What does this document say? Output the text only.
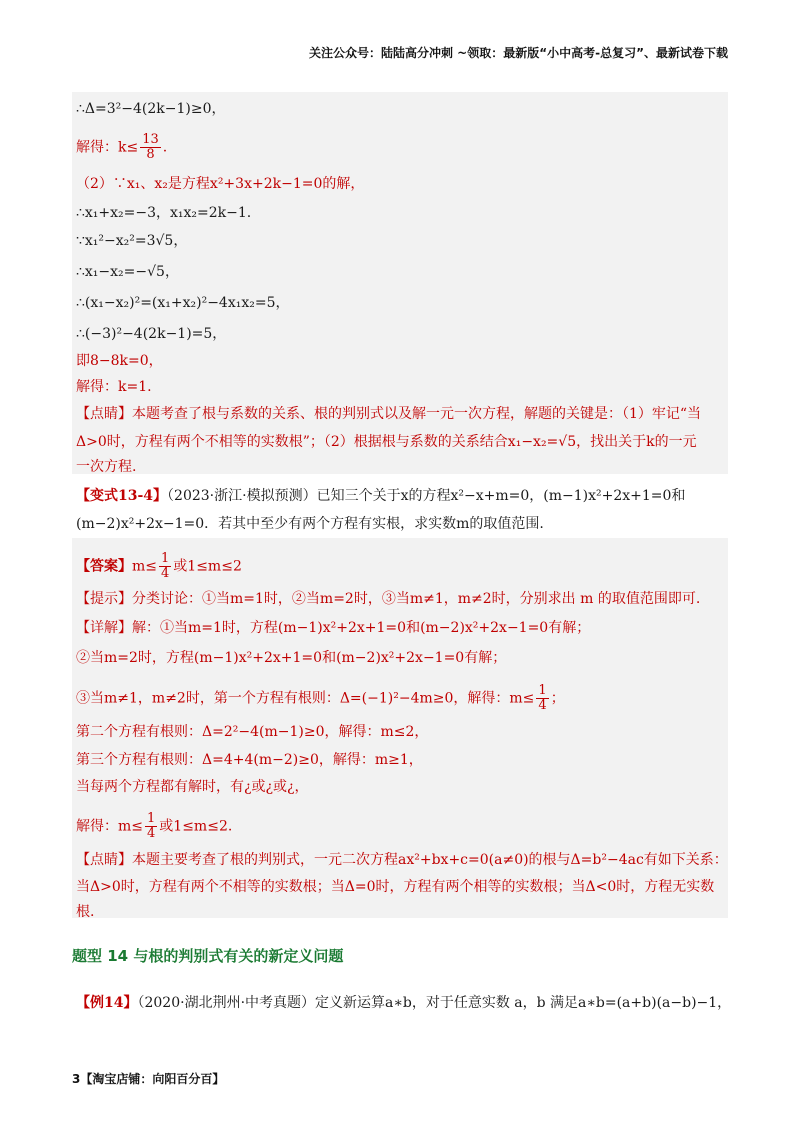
关注公众号：陆陆高分冲刺 ~领取：最新版“小中高考-总复习”、最新试卷下载
∴Δ=3²−4(2k−1)≥0，
解得：$k\le \frac{13}{8}$ .
（2）∵x₁、x₂是方程x²+3x+2k−1=0的解，
∴x₁+x₂=−3，x₁x₂=2k−1.
∵x₁²−x₂²=3√5，
∴x₁−x₂=−√5，
∴(x₁−x₂)²=(x₁+x₂)²−4x₁x₂=5，
∴(−3)²−4(2k−1)=5，
即8−8k=0，
解得：k=1.
【点睛】本题考查了根与系数的关系、根的判别式以及解一元一次方程，解题的关键是：（1）牢记“当
Δ>0时，方程有两个不相等的实数根”；（2）根据根与系数的关系结合x₁−x₂=√5，找出关于k的一元
一次方程.
【变式13-4】（2023·浙江·模拟预测）已知三个关于x的方程x²−x+m=0，(m−1)x²+2x+1=0和
(m−2)x²+2x−1=0．若其中至少有两个方程有实根，求实数m的取值范围.
【答案】$m\le \frac{1}{4}$ 或1≤m≤2
【提示】分类讨论：①当m=1时，②当m=2时，③当m≠1，m≠2时，分别求出 m 的取值范围即可.
【详解】解：①当m=1时，方程(m−1)x²+2x+1=0和(m−2)x²+2x−1=0有解；
②当m=2时，方程(m−1)x²+2x+1=0和(m−2)x²+2x−1=0有解；
③当m≠1，m≠2时，第一个方程有根则：Δ=(−1)²−4m≥0，解得：$m\le \frac{1}{4}$ ；
第二个方程有根则：Δ=2²−4(m−1)≥0，解得：m≤2，
第三个方程有根则：Δ=4+4(m−2)≥0，解得：m≥1，
当每两个方程都有解时，有¿或¿或¿，
解得：$m\le \frac{1}{4}$ 或1≤m≤2.
【点睛】本题主要考查了根的判别式，一元二次方程ax²+bx+c=0(a≠0)的根与Δ=b²−4ac有如下关系：
当Δ>0时，方程有两个不相等的实数根；当Δ=0时，方程有两个相等的实数根；当Δ<0时，方程无实数
根.
题型 14 与根的判别式有关的新定义问题
【例14】（2020·湖北荆州·中考真题）定义新运算a∗b，对于任意实数 a，b 满足a∗b=(a+b)(a−b)−1，
3【淘宝店铺：向阳百分百】
